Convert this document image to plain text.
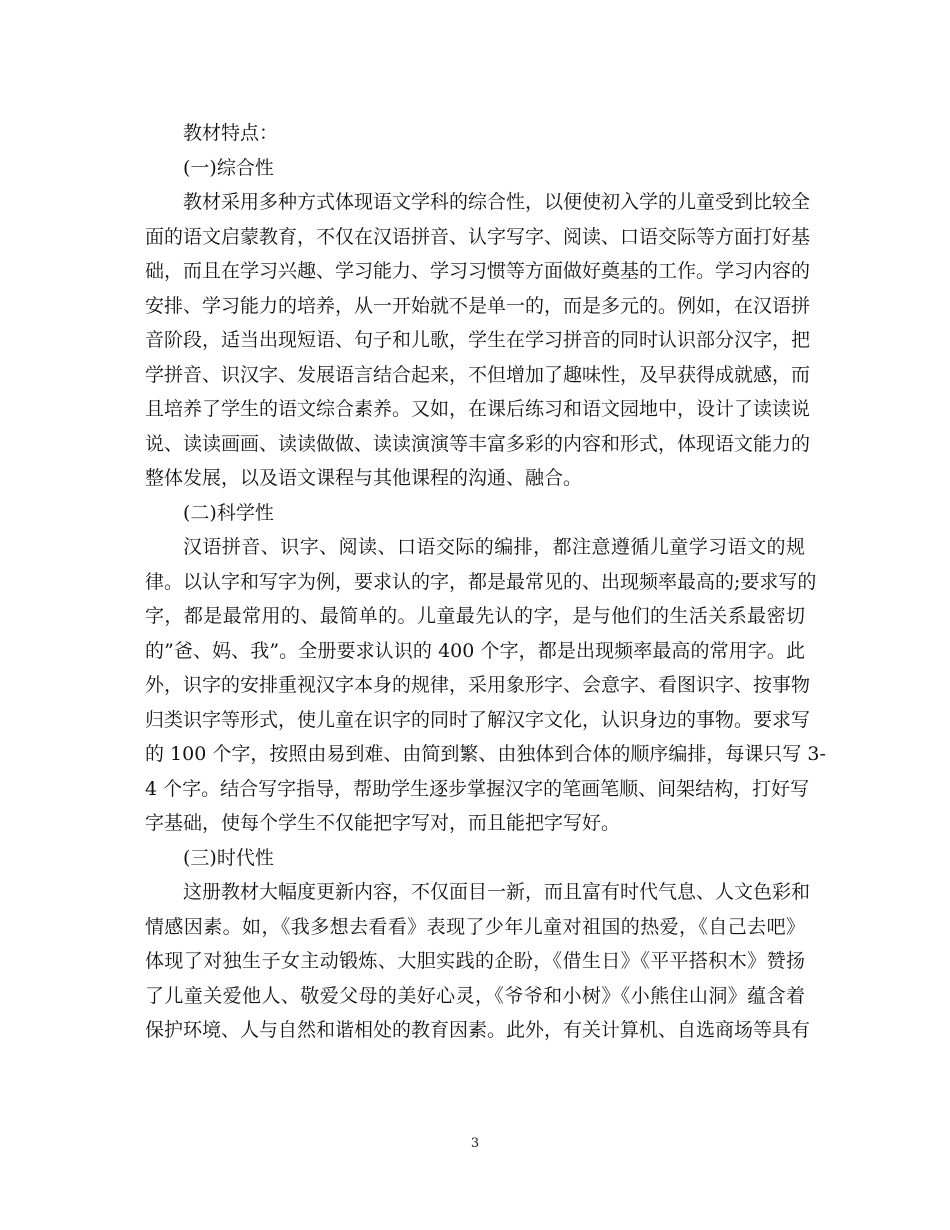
教材特点：
(一)综合性
教材采用多种方式体现语文学科的综合性，以便使初入学的儿童受到比较全
面的语文启蒙教育，不仅在汉语拼音、认字写字、阅读、口语交际等方面打好基
础，而且在学习兴趣、学习能力、学习习惯等方面做好奠基的工作。学习内容的
安排、学习能力的培养，从一开始就不是单一的，而是多元的。例如，在汉语拼
音阶段，适当出现短语、句子和儿歌，学生在学习拼音的同时认识部分汉字，把
学拼音、识汉字、发展语言结合起来，不但增加了趣味性，及早获得成就感，而
且培养了学生的语文综合素养。又如，在课后练习和语文园地中，设计了读读说
说、读读画画、读读做做、读读演演等丰富多彩的内容和形式，体现语文能力的
整体发展，以及语文课程与其他课程的沟通、融合。
(二)科学性
汉语拼音、识字、阅读、口语交际的编排，都注意遵循儿童学习语文的规
律。以认字和写字为例，要求认的字，都是最常见的、出现频率最高的;要求写的
字，都是最常用的、最简单的。儿童最先认的字，是与他们的生活关系最密切
的”爸、妈、我”。全册要求认识的 400 个字，都是出现频率最高的常用字。此
外，识字的安排重视汉字本身的规律，采用象形字、会意字、看图识字、按事物
归类识字等形式，使儿童在识字的同时了解汉字文化，认识身边的事物。要求写
的 100 个字，按照由易到难、由简到繁、由独体到合体的顺序编排，每课只写 3-
4 个字。结合写字指导，帮助学生逐步掌握汉字的笔画笔顺、间架结构，打好写
字基础，使每个学生不仅能把字写对，而且能把字写好。
(三)时代性
这册教材大幅度更新内容，不仅面目一新，而且富有时代气息、人文色彩和
情感因素。如，《我多想去看看》表现了少年儿童对祖国的热爱，《自己去吧》
体现了对独生子女主动锻炼、大胆实践的企盼，《借生日》《平平搭积木》赞扬
了儿童关爱他人、敬爱父母的美好心灵，《爷爷和小树》《小熊住山洞》蕴含着
保护环境、人与自然和谐相处的教育因素。此外，有关计算机、自选商场等具有
3
